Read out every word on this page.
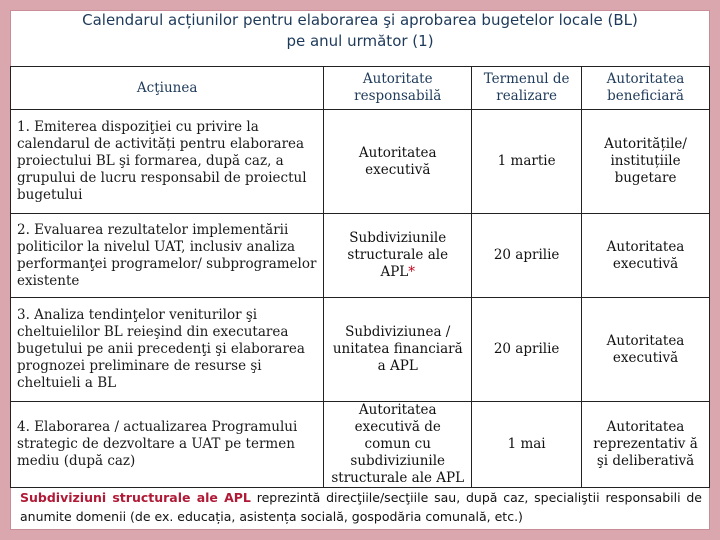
Calendarul acțiunilor pentru elaborarea şi aprobarea bugetelor locale (BL)
pe anul următor (1)
Acţiunea	Autoritate responsabilă	Termenul de realizare	Autoritatea beneficiară
1. Emiterea dispoziţiei cu privire la calendarul de activități pentru elaborarea proiectului BL şi formarea, după caz, a grupului de lucru responsabil de proiectul bugetului	Autoritatea executivă	1 martie	Autoritățile/ instituțiile bugetare
2. Evaluarea rezultatelor implementării politicilor la nivelul UAT, inclusiv analiza performanţei programelor/ subprogramelor existente	Subdiviziunile structurale ale APL*	20 aprilie	Autoritatea executivă
3. Analiza tendinţelor veniturilor şi cheltuielilor BL reieşind din executarea bugetului pe anii precedenţi şi elaborarea prognozei preliminare de resurse şi cheltuieli a BL	Subdiviziunea / unitatea financiară a APL	20 aprilie	Autoritatea executivă
4. Elaborarea / actualizarea Programului strategic de dezvoltare a UAT pe termen mediu (după caz)	Autoritatea executivă de comun cu subdiviziunile structurale ale APL	1 mai	Autoritatea reprezentativ ă şi deliberativă
Subdiviziuni structurale ale APL reprezintă direcţiile/secţiile sau, după caz, specialiştii responsabili de anumite domenii (de ex. educația, asistența socială, gospodăria comunală, etc.)
